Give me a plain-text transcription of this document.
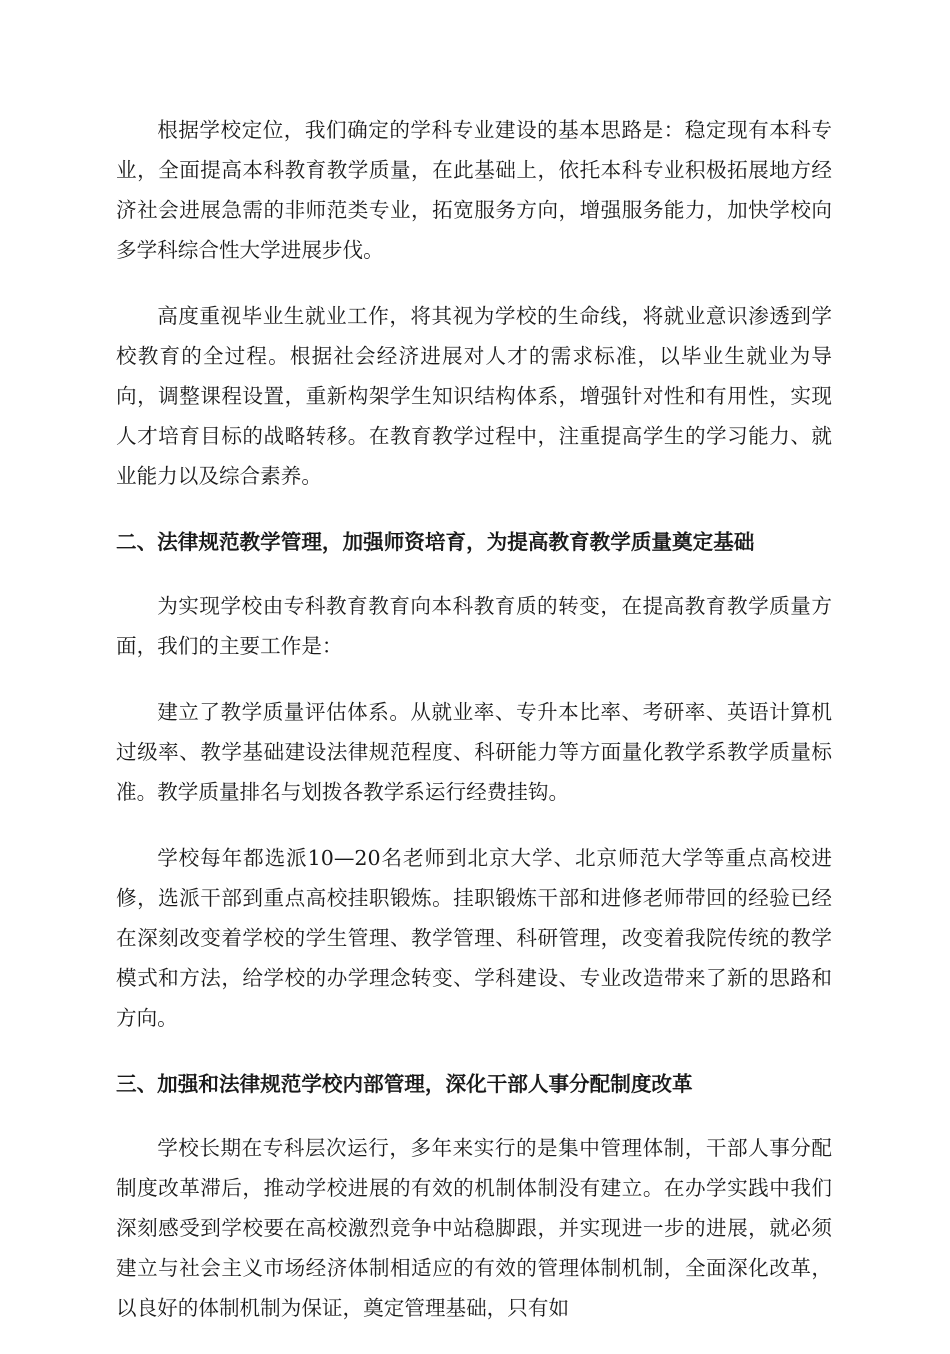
根据学校定位，我们确定的学科专业建设的基本思路是：稳定现有本科专业，全面提高本科教育教学质量，在此基础上，依托本科专业积极拓展地方经济社会进展急需的非师范类专业，拓宽服务方向，增强服务能力，加快学校向多学科综合性大学进展步伐。

高度重视毕业生就业工作，将其视为学校的生命线，将就业意识渗透到学校教育的全过程。根据社会经济进展对人才的需求标准，以毕业生就业为导向，调整课程设置，重新构架学生知识结构体系，增强针对性和有用性，实现人才培育目标的战略转移。在教育教学过程中，注重提高学生的学习能力、就业能力以及综合素养。

二、法律规范教学管理，加强师资培育，为提高教育教学质量奠定基础

为实现学校由专科教育教育向本科教育质的转变，在提高教育教学质量方面，我们的主要工作是：

建立了教学质量评估体系。从就业率、专升本比率、考研率、英语计算机过级率、教学基础建设法律规范程度、科研能力等方面量化教学系教学质量标准。教学质量排名与划拨各教学系运行经费挂钩。

学校每年都选派10—20名老师到北京大学、北京师范大学等重点高校进修，选派干部到重点高校挂职锻炼。挂职锻炼干部和进修老师带回的经验已经在深刻改变着学校的学生管理、教学管理、科研管理，改变着我院传统的教学模式和方法，给学校的办学理念转变、学科建设、专业改造带来了新的思路和方向。

三、加强和法律规范学校内部管理，深化干部人事分配制度改革

学校长期在专科层次运行，多年来实行的是集中管理体制，干部人事分配制度改革滞后，推动学校进展的有效的机制体制没有建立。在办学实践中我们深刻感受到学校要在高校激烈竞争中站稳脚跟，并实现进一步的进展，就必须建立与社会主义市场经济体制相适应的有效的管理体制机制，全面深化改革，以良好的体制机制为保证，奠定管理基础，只有如
